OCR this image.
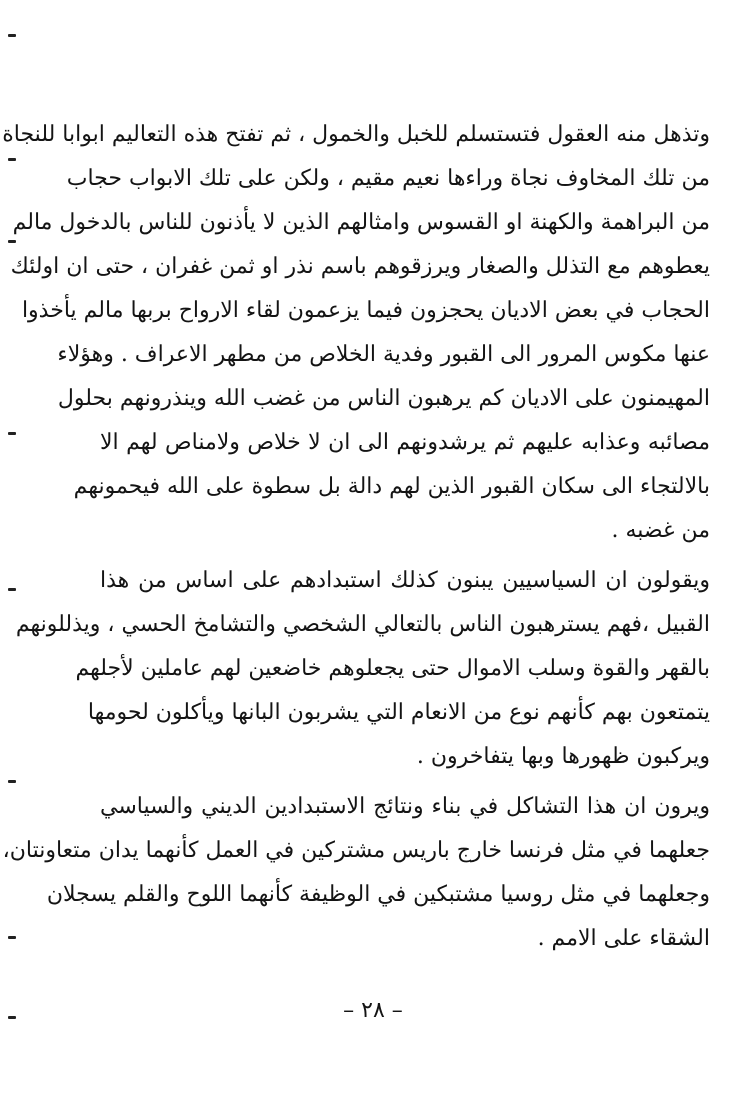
وتذهل منه العقول فتستسلم للخبل والخمول ، ثم تفتح هذه التعاليم ابوابا للنجاة
من تلك المخاوف نجاة وراءها نعيم مقيم ، ولكن على تلك الابواب حجاب
من البراهمة والكهنة او القسوس وامثالهم الذين لا يأذنون للناس بالدخول مالم
يعطوهم مع التذلل والصغار ويرزقوهم باسم نذر او ثمن غفران ، حتى ان اولئك
الحجاب في بعض الاديان يحجزون فيما يزعمون لقاء الارواح بربها مالم يأخذوا
عنها مكوس المرور الى القبور وفدية الخلاص من مطهر الاعراف . وهؤلاء
المهيمنون على الاديان كم يرهبون الناس من غضب الله وينذرونهم بحلول
مصائبه وعذابه عليهم ثم يرشدونهم الى ان لا خلاص ولامناص لهم الا
بالالتجاء الى سكان القبور الذين لهم دالة بل سطوة على الله فيحمونهم
من غضبه .
ويقولون ان السياسيين يبنون كذلك استبدادهم على اساس من هذا
القبيل ،فهم يسترهبون الناس بالتعالي الشخصي والتشامخ الحسي ، ويذللونهم
بالقهر والقوة وسلب الاموال حتى يجعلوهم خاضعين لهم عاملين لأجلهم
يتمتعون بهم كأنهم نوع من الانعام التي يشربون البانها ويأكلون لحومها
ويركبون ظهورها وبها يتفاخرون .
ويرون ان هذا التشاكل في بناء ونتائج الاستبدادين الديني والسياسي
جعلهما في مثل فرنسا خارج باريس مشتركين في العمل كأنهما يدان متعاونتان،
وجعلهما في مثل روسيا مشتبكين في الوظيفة كأنهما اللوح والقلم يسجلان
الشقاء على الامم .
– ٢٨ –
